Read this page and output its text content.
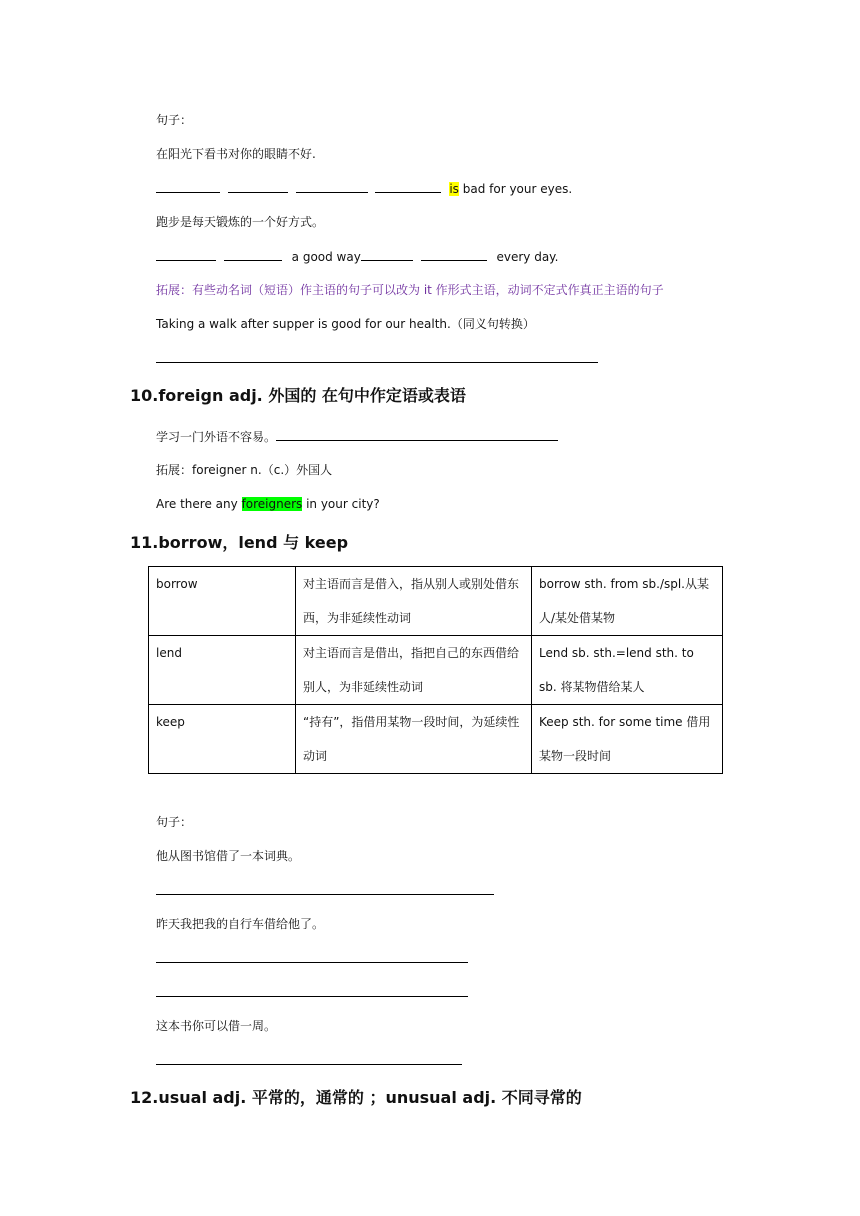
句子：
在阳光下看书对你的眼睛不好.
is bad for your eyes.
跑步是每天锻炼的一个好方式。
a good way	every day.
拓展：有些动名词（短语）作主语的句子可以改为 it 作形式主语，动词不定式作真正主语的句子
Taking a walk after supper is good for our health.（同义句转换）
10.foreign adj. 外国的 在句中作定语或表语
学习一门外语不容易。
拓展：foreigner n.（c.）外国人
Are there any foreigners in your city?
11.borrow，lend 与 keep
borrow	对主语而言是借入，指从别人或别处借东西，为非延续性动词	borrow sth. from sb./spl.从某人/某处借某物
lend	对主语而言是借出，指把自己的东西借给别人，为非延续性动词	Lend sb. sth.=lend sth. to sb. 将某物借给某人
keep	“持有”，指借用某物一段时间，为延续性动词	Keep sth. for some time 借用某物一段时间
句子：
他从图书馆借了一本词典。
昨天我把我的自行车借给他了。
这本书你可以借一周。
12.usual adj. 平常的，通常的 ；unusual adj. 不同寻常的
